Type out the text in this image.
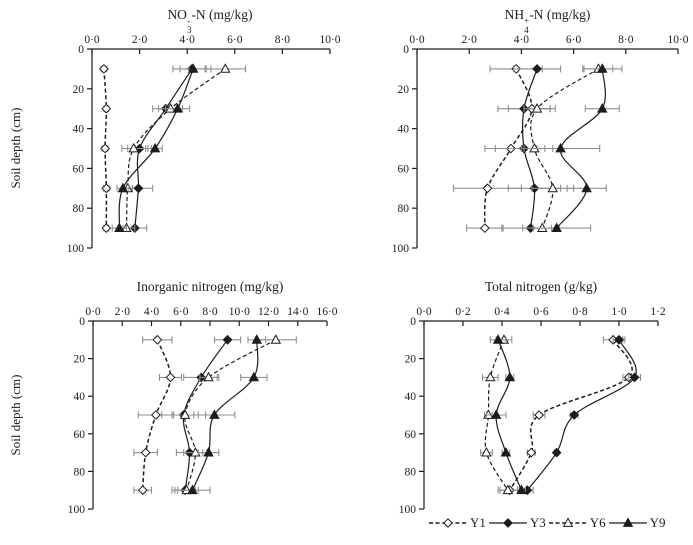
NO -
3
-N (mg/kg)	NH +
4
-N (mg/kg)
Inorganic nitrogen (mg/kg)	Total nitrogen (g/kg)
Soil depth (cm)
Soil depth (cm)
0·0	2·0	4·0	6·0	8·0	10·0
0
20
40
60
80
100
0·0	2·0	4·0	6·0	8·0	10·0
0
20
40
60
80
100
0·0 2·0 4·0 6·0 8·0 10·0 12·0 14·0 16·0
0
20
40
60
80
100
0·0 0·2 0·4 0·6 0·8 1·0 1·2
0
20
40
60
80
100
Y1	Y3	Y6	Y9
